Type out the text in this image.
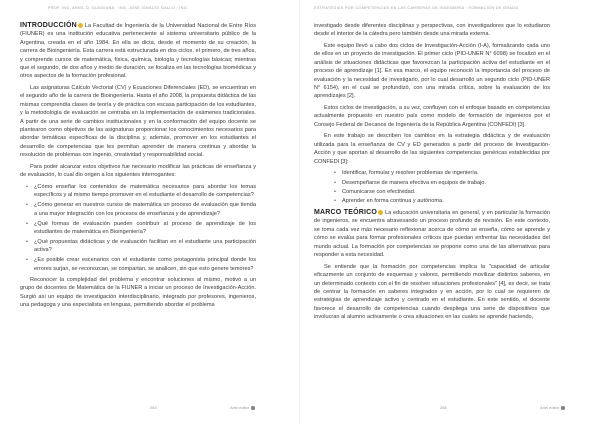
PROF. ING. ARIEL D. GUGGIANA · ING. JOSÉ IGNACIO GALLO · ING.

INTRODUCCIÓN La Facultad de Ingeniería de la Universidad Nacional de Entre Ríos (FIUNER) es una institución educativa perteneciente al sistema universitario público de la Argentina, creada en el año 1984. En ella se dicta, desde el momento de su creación, la carrera de Bioingeniería. Esta carrera está estructurada en dos ciclos, el primero, de tres años, y comprende cursos de matemática, física, química, biología y tecnologías básicas; mientras que el segundo, de dos años y medio de duración, se focaliza en las tecnologías biomédicas y otros aspectos de la formación profesional.

Las asignaturas Cálculo Vectorial (CV) y Ecuaciones Diferenciales (ED), se encuentran en el segundo año de la carrera de Bioingeniería. Hasta el año 2008, la propuesta didáctica de las mismas comprendía clases de teoría y de práctica con escasa participación de los estudiantes, y la metodología de evaluación se centraba en la implementación de exámenes tradicionales. A partir de una serie de cambios institucionales y en la conformación del equipo docente se plantearon como objetivos de las asignaturas proporcionar los conocimientos necesarios para abordar temáticas específicas de la disciplina y, además, promover en los estudiantes el desarrollo de competencias que les permitan aprender de manera continua y abordar la resolución de problemas con ingenio, creatividad y responsabilidad social.

Para poder alcanzar estos objetivos fue necesario modificar las prácticas de enseñanza y de evaluación, lo cual dio origen a los siguientes interrogantes:

• ¿Cómo enseñar los contenidos de matemática necesarios para abordar los temas específicos y al mismo tiempo promover en el estudiante el desarrollo de competencias?
• ¿Cómo generar en nuestros cursos de matemática un proceso de evaluación que tienda a una mayor integración con los procesos de enseñanza y de aprendizaje?
• ¿Qué formas de evaluación pueden contribuir al proceso de aprendizaje de los estudiantes de matemática en Bioingeniería?
• ¿Qué propuestas didácticas y de evaluación facilitan en el estudiante una participación activa?
• ¿Es posible crear escenarios con el estudiante como protagonista principal donde los errores surjan, se reconozcan, se compartan, se analicen, sin que esto genere temores?

Reconocer la complejidad del problema y encontrar soluciones al mismo, motivó a un grupo de docentes de Matemática de la FIUNER a iniciar un proceso de Investigación-Acción. Surgió así un equipo de investigación interdisciplinario, integrado por profesores, ingenieros, una pedagoga y una especialista en lenguas, permitiendo abordar el problema

284	Ariel editor
ESTRATEGIAS POR COMPETENCIAS EN LAS CARRERAS DE INGENIERÍA · FORMACIÓN DE GRADO

investigado desde diferentes disciplinas y perspectivas, con investigadores que lo estudiaron desde el interior de la cátedra pero también desde una mirada externa.

Este equipo llevó a cabo dos ciclos de Investigación-Acción (I-A), formalizando cada uno de ellos en un proyecto de investigación. El primer ciclo (PID-UNER N° 6098) se focalizó en el análisis de situaciones didácticas que favorezcan la participación activa del estudiante en el proceso de aprendizaje [1]. En esa marco, el equipo reconoció la importancia del proceso de evaluación y la necesidad de investigarlo, por lo cual desarrolló un segundo ciclo (PID-UNER N° 6154), en el cual se profundizó, con una mirada crítica, sobre la evaluación de los aprendizajes [2].

Estos ciclos de investigación, a su vez, confluyen con el enfoque basado en competencias actualmente propuesto en nuestro país como modelo de formación de ingenieros por el Consejo Federal de Decanos de Ingeniería de la República Argentina (CONFEDI) [3].

En este trabajo se describen los cambios en la estrategia didáctica y de evaluación utilizada para la enseñanza de CV y ED generados a partir del proceso de Investigación-Acción y que aportan al desarrollo de las siguientes competencias genéricas establecidas por CONFEDI [3]:

• Identificar, formular y resolver problemas de ingeniería.
• Desempeñarse de manera efectiva en equipos de trabajo.
• Comunicarse con efectividad.
• Aprender en forma continua y autónoma.

MARCO TEÓRICO La educación universitaria en general, y en particular la formación de ingenieros, se encuentra atravesando un proceso profundo de revisión. En este contexto, se toma cada vez más necesario reflexionar acerca de cómo se enseña, cómo se aprende y cómo se evalúa para formar profesionales críticos que puedan enfrentar las necesidades del mundo actual. La formación por competencias se propone como una de las alternativas para responder a esta necesidad.

Se entiende que la formación por competencias implica la "capacidad de articular eficazmente un conjunto de esquemas y valores, permitiendo movilizar distintos saberes, en un determinado contexto con el fin de resolver situaciones profesionales" [4], es decir, se trata de centrar la formación en saberes integrados y en acción, por lo cual se requieren de estrategias de aprendizaje activo y centrado en el estudiante. En este sentido, el docente favorece el desarrollo de competencias cuando despliega una serie de dispositivos que involucran al alumno activamente o crea situaciones en las cuales se aprende haciendo,

285	Ariel editor
